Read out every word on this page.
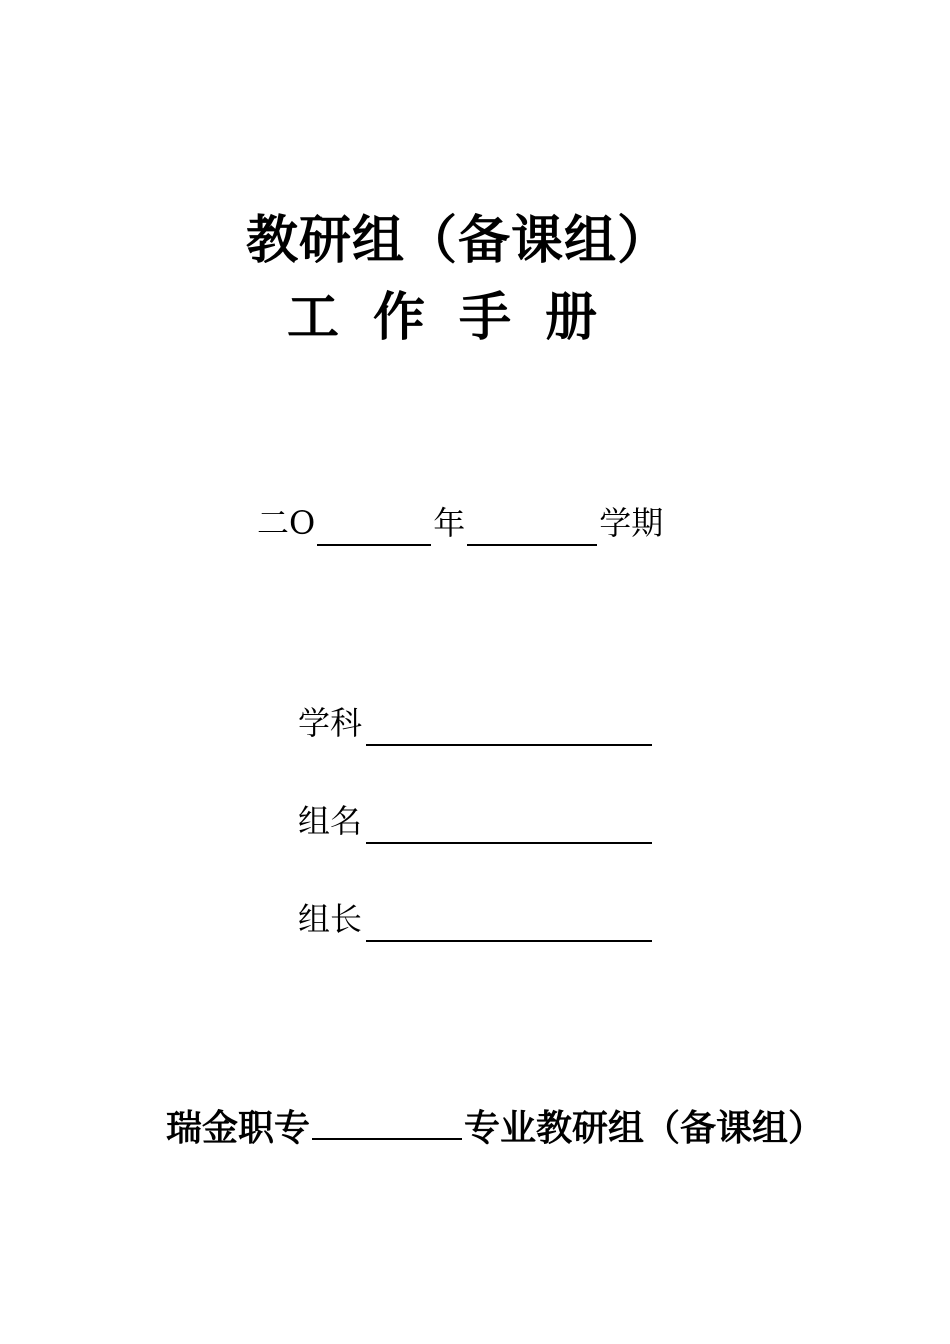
教研组（备课组）
工作手册
二O	年	学期
学科
组名
组长
瑞金职专	专业教研组（备课组）
